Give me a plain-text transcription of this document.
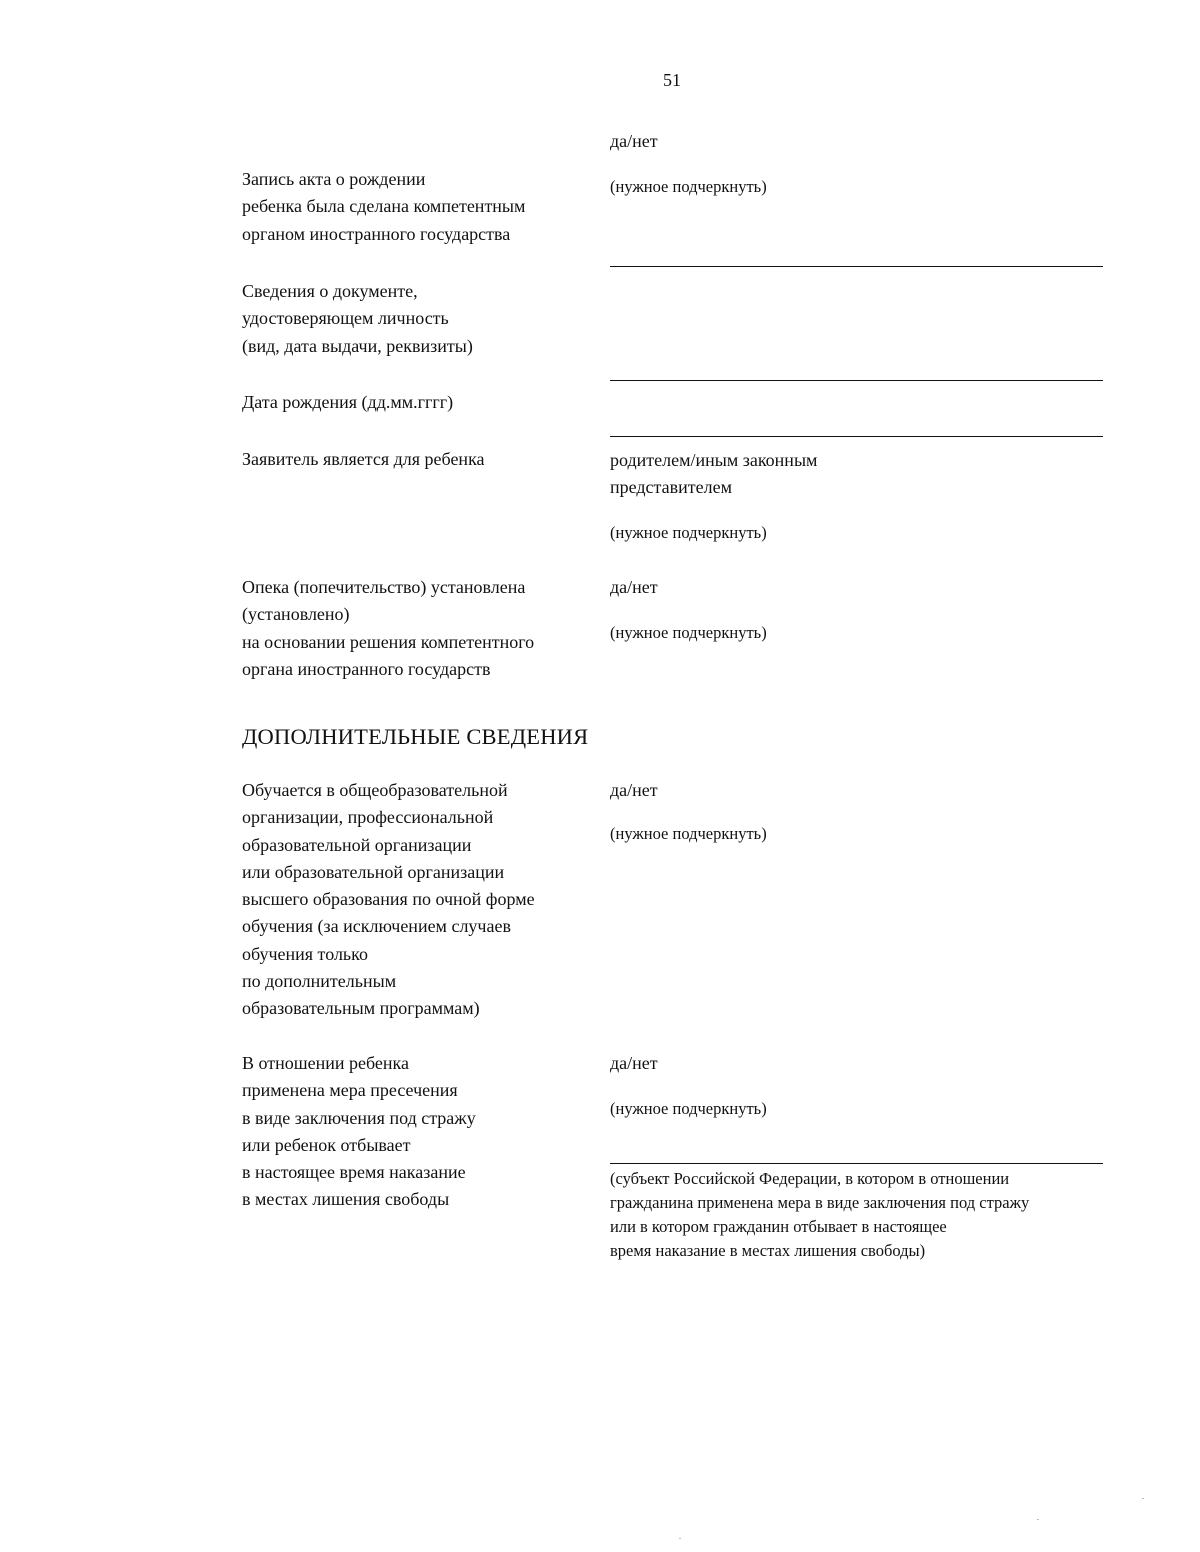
51
да/нет
Запись акта о рождении
ребенка была сделана компетентным
органом иностранного государства
(нужное подчеркнуть)
Сведения о документе,
удостоверяющем личность
(вид, дата выдачи, реквизиты)
Дата рождения (дд.мм.гггг)
Заявитель является для ребенка	родителем/иным законным
представителем
(нужное подчеркнуть)
Опека (попечительство) установлена
(установлено)
на основании решения компетентного
органа иностранного государств
да/нет
(нужное подчеркнуть)
ДОПОЛНИТЕЛЬНЫЕ СВЕДЕНИЯ
Обучается в общеобразовательной
организации, профессиональной
образовательной организации
или образовательной организации
высшего образования по очной форме
обучения (за исключением случаев
обучения только
по дополнительным
образовательным программам)
да/нет
(нужное подчеркнуть)
В отношении ребенка
применена мера пресечения
в виде заключения под стражу
или ребенок отбывает
в настоящее время наказание
в местах лишения свободы
да/нет
(нужное подчеркнуть)
(субъект Российской Федерации, в котором в отношении
гражданина применена мера в виде заключения под стражу
или в котором гражданин отбывает в настоящее
время наказание в местах лишения свободы)
